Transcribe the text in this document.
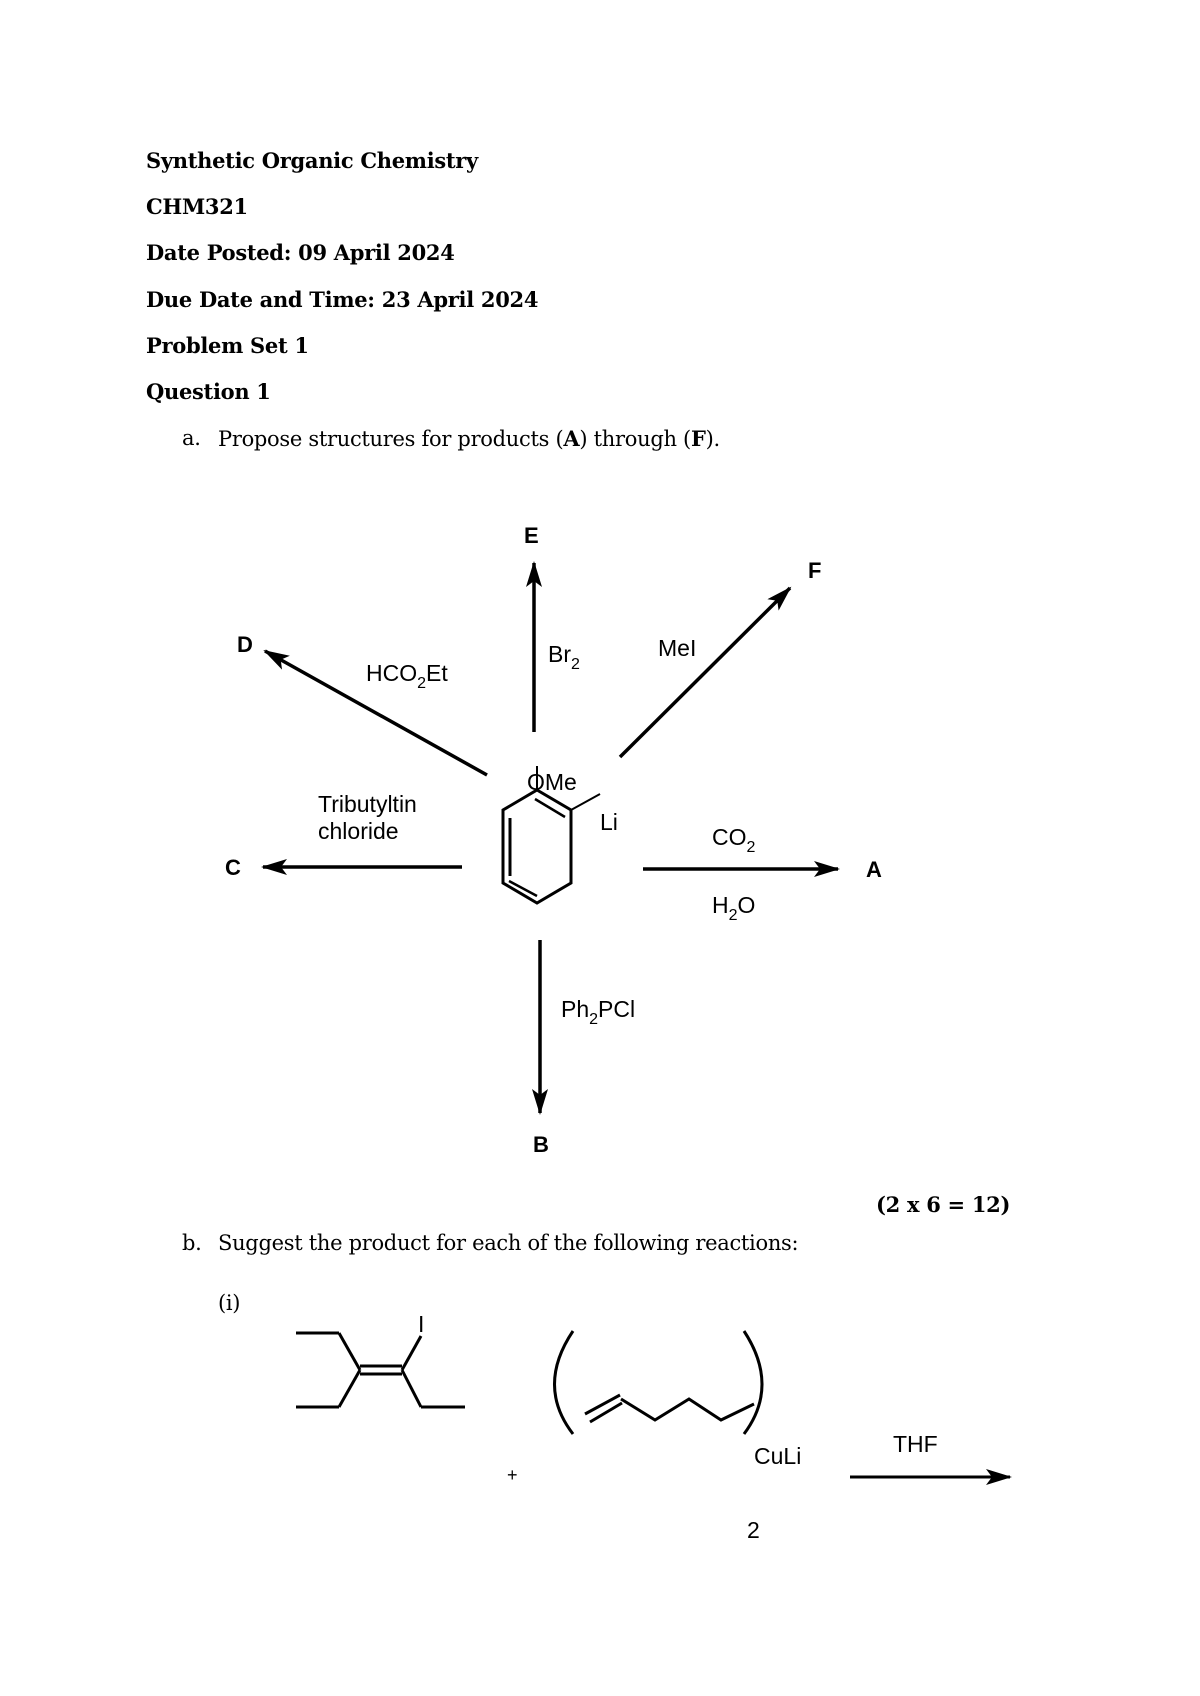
Synthetic Organic Chemistry
CHM321
Date Posted: 09 April 2024
Due Date and Time: 23 April 2024
Problem Set 1
Question 1
a. Propose structures for products (A) through (F).
OMe
Li
A
B
C
D
E
F
$CO_2$
$H_2O$
$Ph_2PCl$
Tributyltin
chloride
$HCO_2Et$
$Br_2$
MeI
(2 x 6 = 12)
b. Suggest the product for each of the following reactions:
(i)
I
+
CuLi
2
THF
